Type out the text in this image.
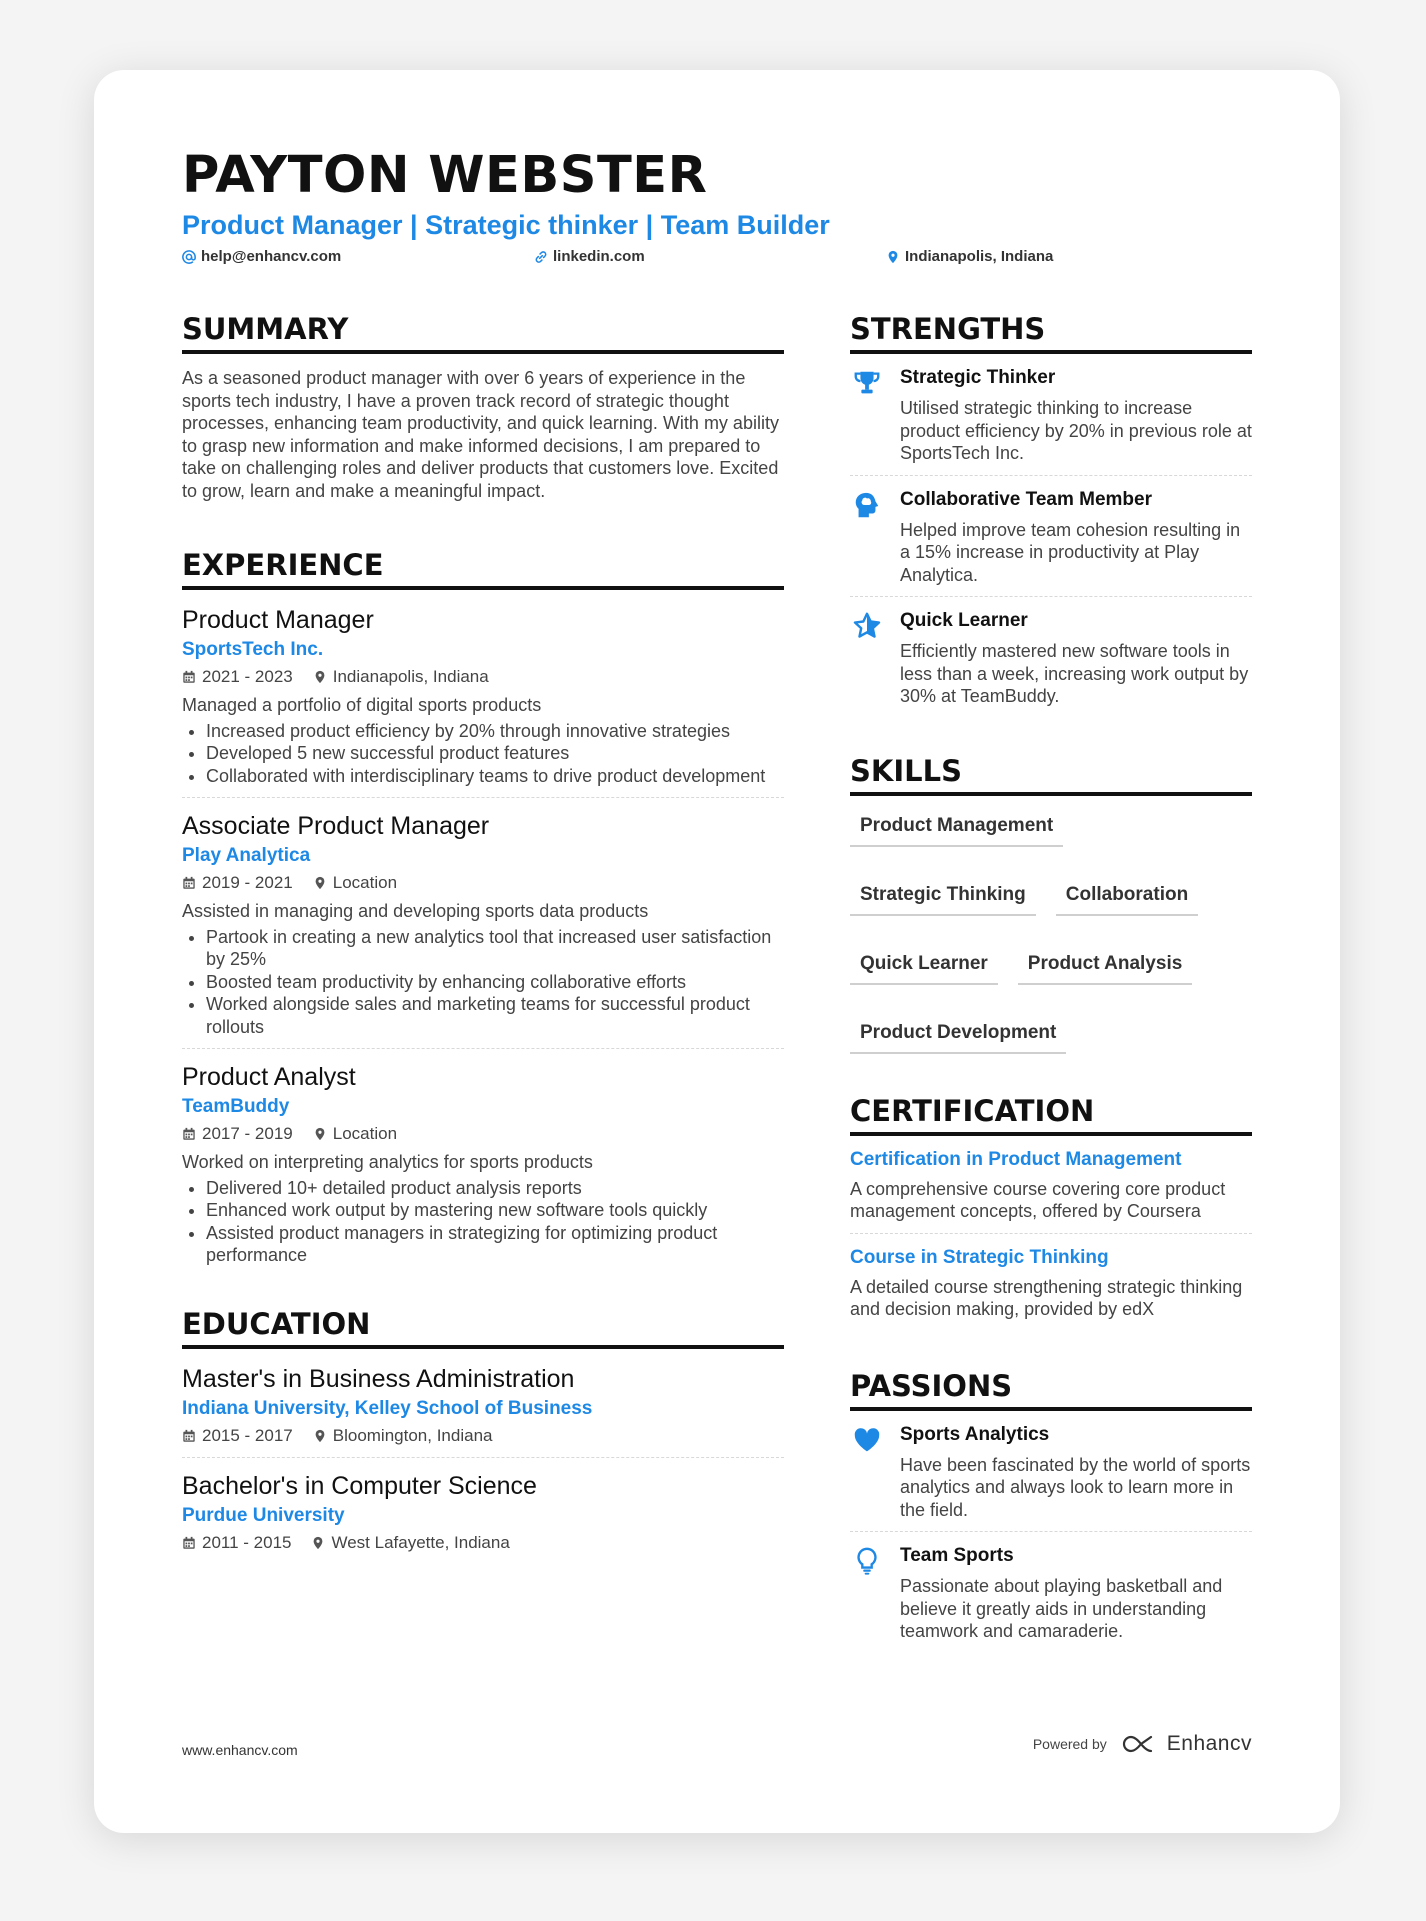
PAYTON WEBSTER
Product Manager | Strategic thinker | Team Builder
help@enhancv.com	linkedin.com	Indianapolis, Indiana
SUMMARY
As a seasoned product manager with over 6 years of experience in the sports tech industry, I have a proven track record of strategic thought processes, enhancing team productivity, and quick learning. With my ability to grasp new information and make informed decisions, I am prepared to take on challenging roles and deliver products that customers love. Excited to grow, learn and make a meaningful impact.
EXPERIENCE
Product Manager
SportsTech Inc.
2021 - 2023 Indianapolis, Indiana
Managed a portfolio of digital sports products
• Increased product efficiency by 20% through innovative strategies
• Developed 5 new successful product features
• Collaborated with interdisciplinary teams to drive product development
Associate Product Manager
Play Analytica
2019 - 2021 Location
Assisted in managing and developing sports data products
• Partook in creating a new analytics tool that increased user satisfaction by 25%
• Boosted team productivity by enhancing collaborative efforts
• Worked alongside sales and marketing teams for successful product rollouts
Product Analyst
TeamBuddy
2017 - 2019 Location
Worked on interpreting analytics for sports products
• Delivered 10+ detailed product analysis reports
• Enhanced work output by mastering new software tools quickly
• Assisted product managers in strategizing for optimizing product performance
EDUCATION
Master's in Business Administration
Indiana University, Kelley School of Business
2015 - 2017 Bloomington, Indiana
Bachelor's in Computer Science
Purdue University
2011 - 2015 West Lafayette, Indiana
STRENGTHS
Strategic Thinker
Utilised strategic thinking to increase product efficiency by 20% in previous role at SportsTech Inc.
Collaborative Team Member
Helped improve team cohesion resulting in a 15% increase in productivity at Play Analytica.
Quick Learner
Efficiently mastered new software tools in less than a week, increasing work output by 30% at TeamBuddy.
SKILLS
Product Management
Strategic Thinking	Collaboration
Quick Learner	Product Analysis
Product Development
CERTIFICATION
Certification in Product Management
A comprehensive course covering core product management concepts, offered by Coursera
Course in Strategic Thinking
A detailed course strengthening strategic thinking and decision making, provided by edX
PASSIONS
Sports Analytics
Have been fascinated by the world of sports analytics and always look to learn more in the field.
Team Sports
Passionate about playing basketball and believe it greatly aids in understanding teamwork and camaraderie.
www.enhancv.com	Powered by	Enhancv
